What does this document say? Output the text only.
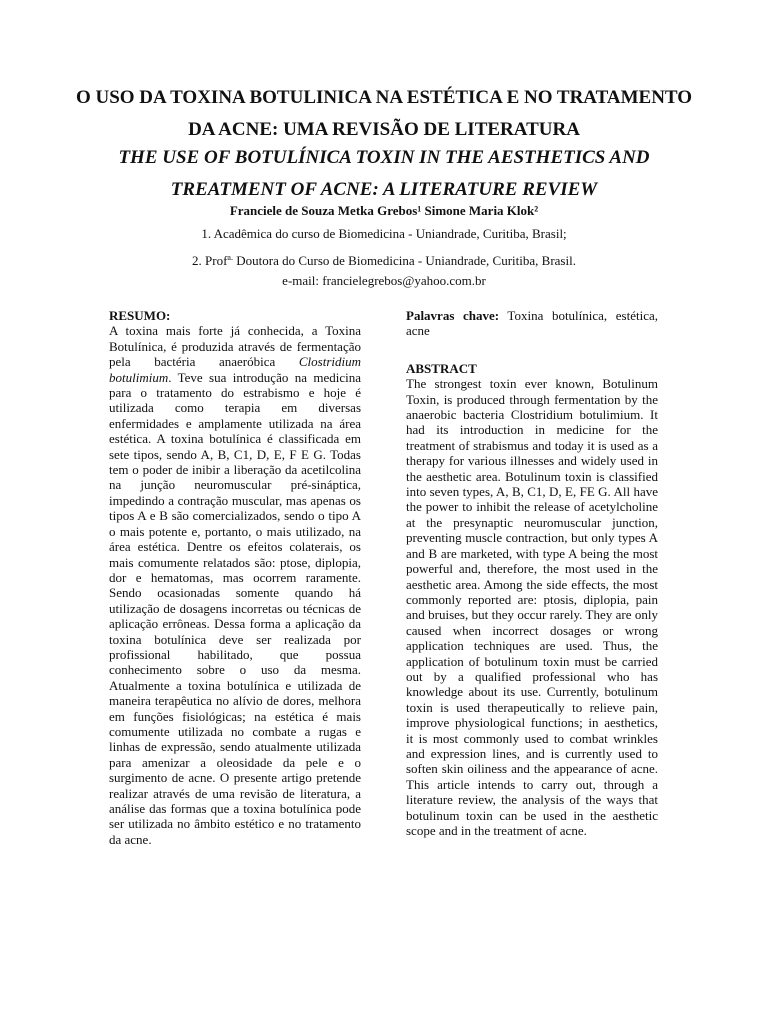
O USO DA TOXINA BOTULINICA NA ESTÉTICA E NO TRATAMENTO DA ACNE: UMA REVISÃO DE LITERATURA
THE USE OF BOTULÍNICA TOXIN IN THE AESTHETICS AND TREATMENT OF ACNE: A LITERATURE REVIEW
Franciele de Souza Metka Grebos¹ Simone Maria Klok²
1. Acadêmica do curso de Biomedicina - Uniandrade, Curitiba, Brasil;
2. Prof$^{a.}$ Doutora do Curso de Biomedicina - Uniandrade, Curitiba, Brasil.
e-mail: francielegrebos@yahoo.com.br

RESUMO:

A toxina mais forte já conhecida, a Toxina Botulínica, é produzida através de fermentação pela bactéria anaeróbica Clostridium botulimium. Teve sua introdução na medicina para o tratamento do estrabismo e hoje é utilizada como terapia em diversas enfermidades e amplamente utilizada na área estética. A toxina botulínica é classificada em sete tipos, sendo A, B, C1, D, E, F E G. Todas tem o poder de inibir a liberação da acetilcolina na junção neuromuscular pré-sináptica, impedindo a contração muscular, mas apenas os tipos A e B são comercializados, sendo o tipo A o mais potente e, portanto, o mais utilizado, na área estética. Dentre os efeitos colaterais, os mais comumente relatados são: ptose, diplopia, dor e hematomas, mas ocorrem raramente. Sendo ocasionadas somente quando há utilização de dosagens incorretas ou técnicas de aplicação errôneas. Dessa forma a aplicação da toxina botulínica deve ser realizada por profissional habilitado, que possua conhecimento sobre o uso da mesma. Atualmente a toxina botulínica e utilizada de maneira terapêutica no alívio de dores, melhora em funções fisiológicas; na estética é mais comumente utilizada no combate a rugas e linhas de expressão, sendo atualmente utilizada para amenizar a oleosidade da pele e o surgimento de acne. O presente artigo pretende realizar através de uma revisão de literatura, a análise das formas que a toxina botulínica pode ser utilizada no âmbito estético e no tratamento da acne.

Palavras chave: Toxina botulínica, estética, acne

ABSTRACT

The strongest toxin ever known, Botulinum Toxin, is produced through fermentation by the anaerobic bacteria Clostridium botulimium. It had its introduction in medicine for the treatment of strabismus and today it is used as a therapy for various illnesses and widely used in the aesthetic area. Botulinum toxin is classified into seven types, A, B, C1, D, E, FE G. All have the power to inhibit the release of acetylcholine at the presynaptic neuromuscular junction, preventing muscle contraction, but only types A and B are marketed, with type A being the most powerful and, therefore, the most used in the aesthetic area. Among the side effects, the most commonly reported are: ptosis, diplopia, pain and bruises, but they occur rarely. They are only caused when incorrect dosages or wrong application techniques are used. Thus, the application of botulinum toxin must be carried out by a qualified professional who has knowledge about its use. Currently, botulinum toxin is used therapeutically to relieve pain, improve physiological functions; in aesthetics, it is most commonly used to combat wrinkles and expression lines, and is currently used to soften skin oiliness and the appearance of acne. This article intends to carry out, through a literature review, the analysis of the ways that botulinum toxin can be used in the aesthetic scope and in the treatment of acne.
